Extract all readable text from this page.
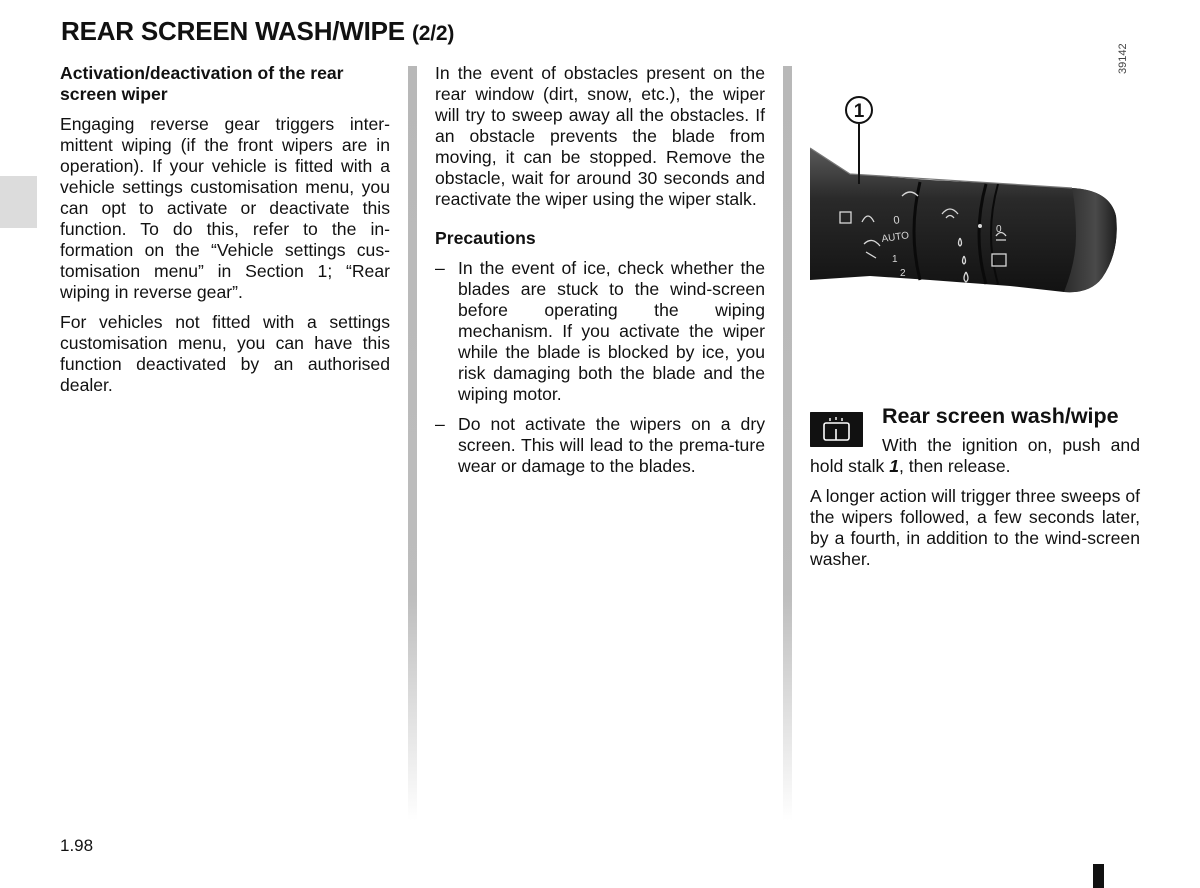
REAR SCREEN WASH/WIPE (2/2)
Activation/deactivation of the rear screen wiper

Engaging reverse gear triggers inter-mittent wiping (if the front wipers are in operation). If your vehicle is fitted with a vehicle settings customisation menu, you can opt to activate or deactivate this function. To do this, refer to the in-formation on the “Vehicle settings cus-tomisation menu” in Section 1; “Rear wiping in reverse gear”.

For vehicles not fitted with a settings customisation menu, you can have this function deactivated by an authorised dealer.

In the event of obstacles present on the rear window (dirt, snow, etc.), the wiper will try to sweep away all the obstacles. If an obstacle prevents the blade from moving, it can be stopped. Remove the obstacle, wait for around 30 seconds and reactivate the wiper using the wiper stalk.

Precautions
– In the event of ice, check whether the blades are stuck to the wind-screen before operating the wiping mechanism. If you activate the wiper while the blade is blocked by ice, you risk damaging both the blade and the wiping motor.
– Do not activate the wipers on a dry screen. This will lead to the prema-ture wear or damage to the blades.
39142
1
0
AUTO
1
2
0
Rear screen wash/wipe

With the ignition on, push and hold stalk 1, then release.

A longer action will trigger three sweeps of the wipers followed, a few seconds later, by a fourth, in addition to the wind-screen washer.

1.98
